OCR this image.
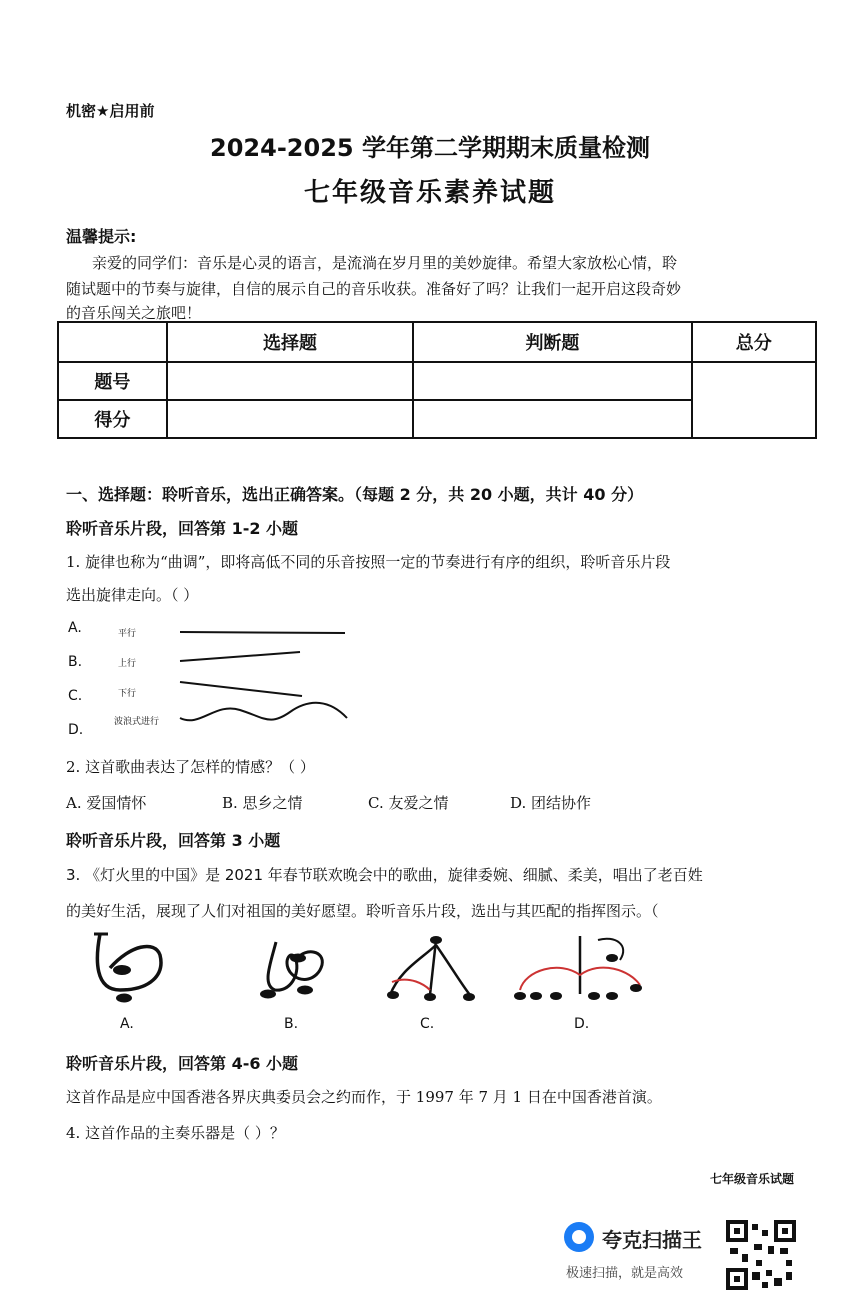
机密★启用前
2024-2025 学年第二学期期末质量检测
七年级音乐素养试题
温馨提示:
亲爱的同学们：音乐是心灵的语言，是流淌在岁月里的美妙旋律。希望大家放松心情，聆
随试题中的节奏与旋律，自信的展示自己的音乐收获。准备好了吗？让我们一起开启这段奇妙
的音乐闯关之旅吧！
	选择题	判断题	总分
题号			
得分			
一、选择题：聆听音乐，选出正确答案。（每题 2 分，共 20 小题，共计 40 分）
聆听音乐片段，回答第 1-2 小题
1. 旋律也称为“曲调”，即将高低不同的乐音按照一定的节奏进行有序的组织，聆听音乐片段
选出旋律走向。（ ）
A.	平行
B.	上行
C.	下行
D.	波浪式进行
2. 这首歌曲表达了怎样的情感？（ ）
A. 爱国情怀	B. 思乡之情	C. 友爱之情	D. 团结协作
聆听音乐片段，回答第 3 小题
3. 《灯火里的中国》是 2021 年春节联欢晚会中的歌曲，旋律委婉、细腻、柔美，唱出了老百姓
的美好生活，展现了人们对祖国的美好愿望。聆听音乐片段，选出与其匹配的指挥图示。（
A.	B.	C.	D.
聆听音乐片段，回答第 4-6 小题
这首作品是应中国香港各界庆典委员会之约而作，于 1997 年 7 月 1 日在中国香港首演。
4. 这首作品的主奏乐器是（ ）？
七年级音乐试题
夸克扫描王
极速扫描，就是高效
